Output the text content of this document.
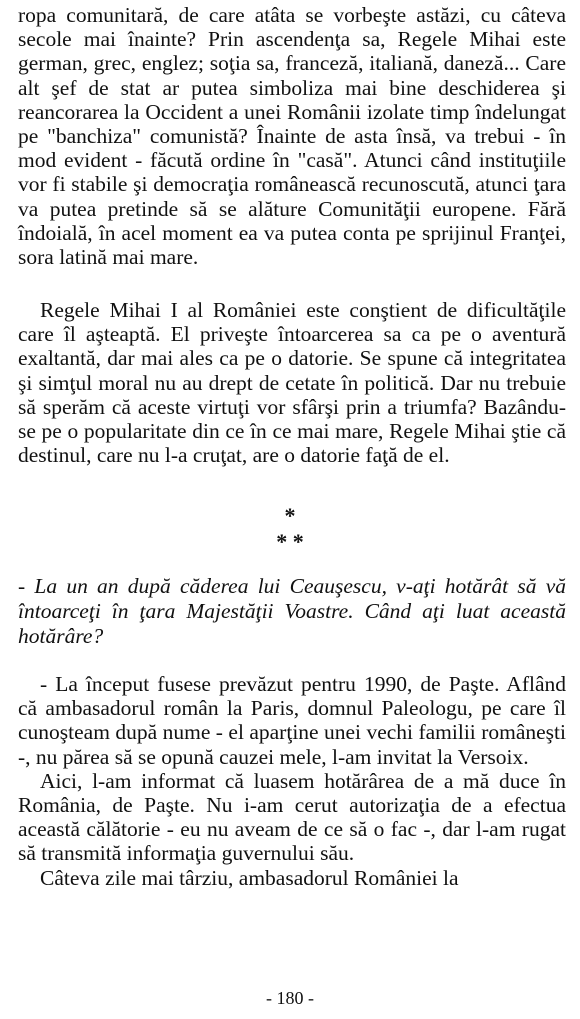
ropa comunitară, de care atâta se vorbeşte astăzi, cu câteva secole mai înainte? Prin ascendenţa sa, Regele Mihai este german, grec, englez; soţia sa, franceză, italiană, daneză... Care alt şef de stat ar putea simboliza mai bine deschiderea şi reancorarea la Occident a unei Românii izolate timp îndelungat pe "banchiza" comunistă? Înainte de asta însă, va trebui - în mod evident - făcută ordine în "casă". Atunci când instituţiile vor fi stabile şi democraţia românească recunoscută, atunci ţara va putea pretinde să se alăture Comunităţii europene. Fără îndoială, în acel moment ea va putea conta pe sprijinul Franţei, sora latină mai mare.

Regele Mihai I al României este conştient de dificultăţile care îl aşteaptă. El priveşte întoarcerea sa ca pe o aventură exaltantă, dar mai ales ca pe o datorie. Se spune că integritatea şi simţul moral nu au drept de cetate în politică. Dar nu trebuie să sperăm că aceste virtuţi vor sfârşi prin a triumfa? Bazându-se pe o popularitate din ce în ce mai mare, Regele Mihai ştie că destinul, care nu l-a cruţat, are o datorie faţă de el.

*
* *
- La un an după căderea lui Ceauşescu, v-aţi hotărât să vă întoarceţi în ţara Majestăţii Voastre. Când aţi luat această hotărâre?

- La început fusese prevăzut pentru 1990, de Paşte. Aflând că ambasadorul român la Paris, domnul Paleologu, pe care îl cunoşteam după nume - el aparţine unei vechi familii româneşti -, nu părea să se opună cauzei mele, l-am invitat la Versoix.

Aici, l-am informat că luasem hotărârea de a mă duce în România, de Paşte. Nu i-am cerut autorizaţia de a efectua această călătorie - eu nu aveam de ce să o fac -, dar l-am rugat să transmită informaţia guvernului său.

Câteva zile mai târziu, ambasadorul României la

- 180 -
